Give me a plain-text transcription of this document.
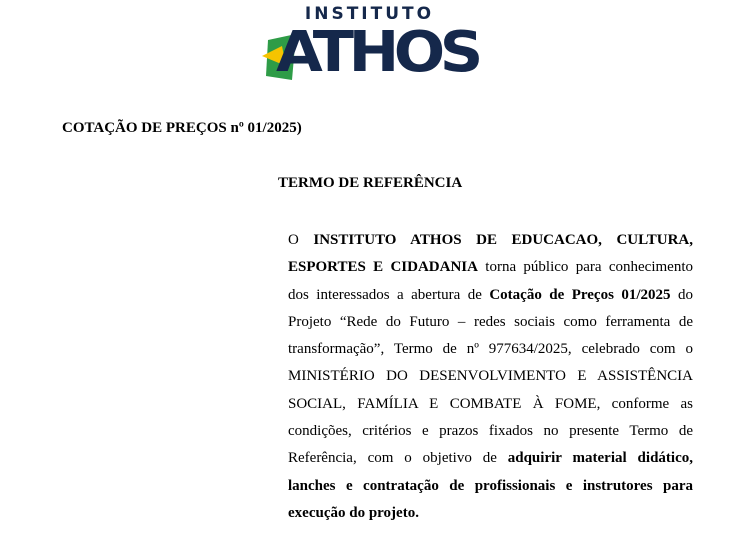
INSTITUTO
ATHOS
COTAÇÃO DE PREÇOS nº 01/2025)
TERMO DE REFERÊNCIA
O INSTITUTO ATHOS DE EDUCACAO, CULTURA, ESPORTES E CIDADANIA torna público para conhecimento dos interessados a abertura de Cotação de Preços 01/2025 do Projeto “Rede do Futuro – redes sociais como ferramenta de transformação”, Termo de nº 977634/2025, celebrado com o MINISTÉRIO DO DESENVOLVIMENTO E ASSISTÊNCIA SOCIAL, FAMÍLIA E COMBATE À FOME, conforme as condições, critérios e prazos fixados no presente Termo de Referência, com o objetivo de adquirir material didático, lanches e contratação de profissionais e instrutores para execução do projeto.
